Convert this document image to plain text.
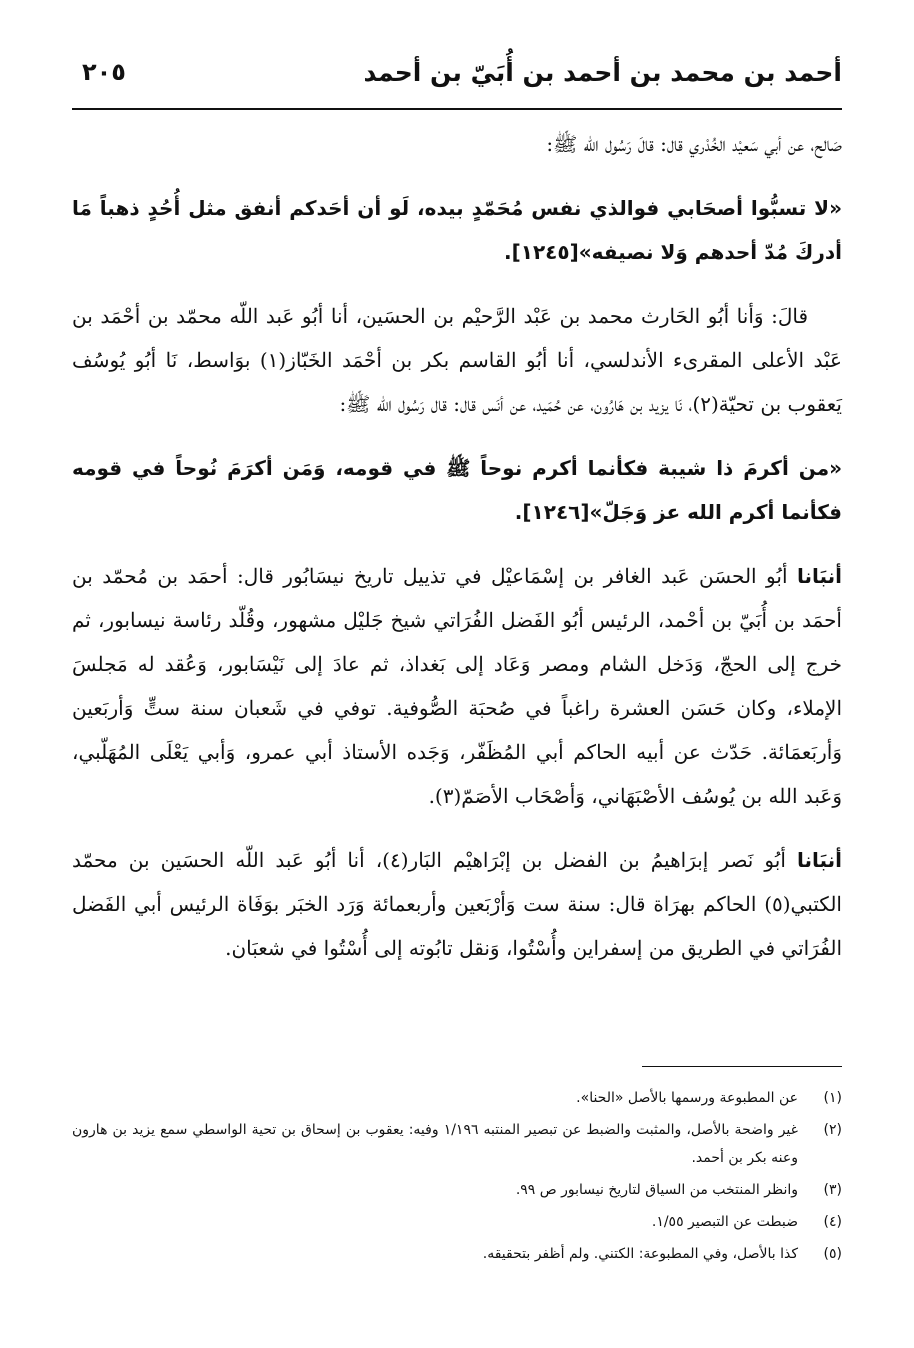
أحمد بن محمد بن أحمد بن أُبَيّ بن أحمد
٢٠٥

صَالح، عن أبي سَعيْد الخُدْري قال: قالَ رَسُول الله ﷺ:

«لا تسبُّوا أصحَابي فوالذي نفس مُحَمّدٍ بيده، لَو أن أحَدكم أنفق مثل أُحُدٍ ذهباً مَا أدركَ مُدّ أحدهم وَلا نصيفه»[١٢٤٥].

قالَ: وَأنا أبُو الحَارث محمد بن عَبْد الرَّحيْم بن الحسَين، أنا أبُو عَبد اللّه محمّد بن أحْمَد بن عَبْد الأعلى المقرىء الأندلسي، أنا أبُو القاسم بكر بن أحْمَد الخَبّاز(١) بوَاسط، نَا أبُو يُوسُف يَعقوب بن تحيّة(٢)، نَا يزيد بن هَارُون، عن حُمَيد، عن أنَس قال: قال رَسُول الله ﷺ:

«من أكرمَ ذا شيبة فكأنما أكرم نوحاً ﷺ في قومه، وَمَن أكرَمَ نُوحاً في قومه فكأنما أكرم الله عز وَجَلّ»[١٢٤٦].

أنبَانا أبُو الحسَن عَبد الغافر بن إسْمَاعيْل في تذييل تاريخ نيسَابُور قال: أحمَد بن مُحمّد بن أحمَد بن أُبَيّ بن أحْمد، الرئيس أبُو الفَضل الفُرَاتي شيخ جَليْل مشهور، وقُلّد رئاسة نيسابور، ثم خرج إلى الحجّ، وَدَخل الشام ومصر وَعَاد إلى بَغداذ، ثم عادَ إلى نَيْسَابور، وَعُقد له مَجلسَ الإملاء، وكان حَسَن العشرة راغباً في صُحبَة الصُّوفية. توفي في شَعبان سنة ستٍّ وَأربَعين وَأربَعمَائة. حَدّث عن أبيه الحاكم أبي المُظَفّر، وَجَده الأستاذ أبي عمرو، وَأبي يَعْلَى المُهَلّبي، وَعَبد الله بن يُوسُف الأصْبَهَاني، وَأصْحَاب الأصَمّ(٣).

أنبَانا أبُو نَصر إبرَاهيمُ بن الفضل بن إبْرَاهيْم البَار(٤)، أنا أبُو عَبد اللّه الحسَين بن محمّد الكتبي(٥) الحاكم بهرَاة قال: سنة ست وَأرْبَعين وأربعمائة وَرَد الخبَر بوَفَاة الرئيس أبي الفَضل الفُرَاتي في الطريق من إسفراين وأُسْتُوا، وَنقل تابُوته إلى أُسْتُوا في شعبَان.

(١)
عن المطبوعة ورسمها بالأصل «الحنا».
(٢)
غير واضحة بالأصل، والمثبت والضبط عن تبصير المنتبه ١/١٩٦ وفيه: يعقوب بن إسحاق بن تحية الواسطي سمع يزيد بن هارون وعنه بكر بن أحمد.
(٣)
وانظر المنتخب من السياق لتاريخ نيسابور ص ٩٩.
(٤)
ضبطت عن التبصير ١/٥٥.
(٥)
كذا بالأصل، وفي المطبوعة: الكتني. ولم أظفر بتحقيقه.
